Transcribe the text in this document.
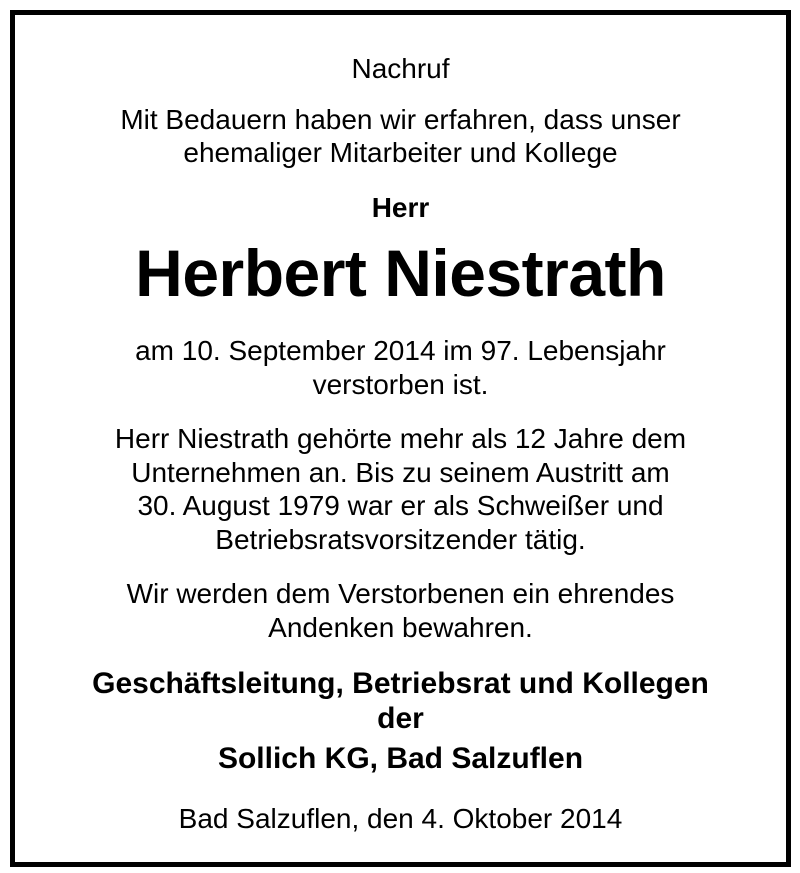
Nachruf
Mit Bedauern haben wir erfahren, dass unser
ehemaliger Mitarbeiter und Kollege
Herr
Herbert Niestrath
am 10. September 2014 im 97. Lebensjahr
verstorben ist.
Herr Niestrath gehörte mehr als 12 Jahre dem
Unternehmen an. Bis zu seinem Austritt am
30. August 1979 war er als Schweißer und
Betriebsratsvorsitzender tätig.
Wir werden dem Verstorbenen ein ehrendes
Andenken bewahren.
Geschäftsleitung, Betriebsrat und Kollegen
der
Sollich KG, Bad Salzuflen
Bad Salzuflen, den 4. Oktober 2014
